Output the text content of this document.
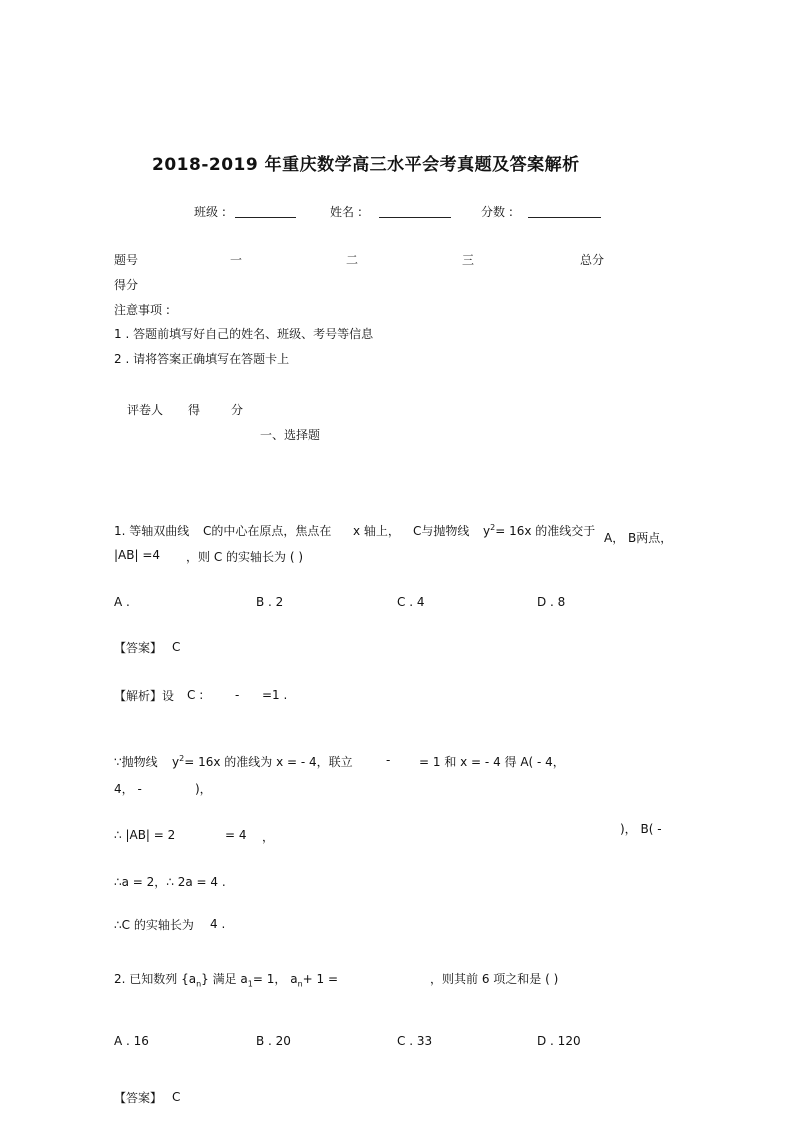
2018-2019 年重庆数学高三水平会考真题及答案解析
班级 :	姓名 :	分数 :
题号	一	二	三	总分
得分
注意事项 :
1 . 答题前填写好自己的姓名、班级、考号等信息
2 . 请将答案正确填写在答题卡上
评卷人 得	分
一、选择题
1. 等轴双曲线 C的中心在原点，焦点在 x 轴上， C与抛物线 $y^2= 16x$ 的准线交于 A， B两点，
|AB| =4 ，则 C 的实轴长为 ( )
A .	B . 2	C . 4	D . 8
【答案】 C
【解析】设 C :	- =1 .
∵抛物线 $y^2= 16x$ 的准线为 x = - 4，联立	- = 1 和 x = - 4 得 A( - 4，
4， -	)，
∴ |AB| = 2	= 4 ，
)， B( -
∴a = 2，∴ 2a = 4 .
∴C 的实轴长为 4 .
2. 已知数列 $\{a_n\}$ 满足 $a_1= 1$， $a_n+ 1$ =	，则其前 6 项之和是 ( )
A . 16	B . 20	C . 33	D . 120
【答案】 C
